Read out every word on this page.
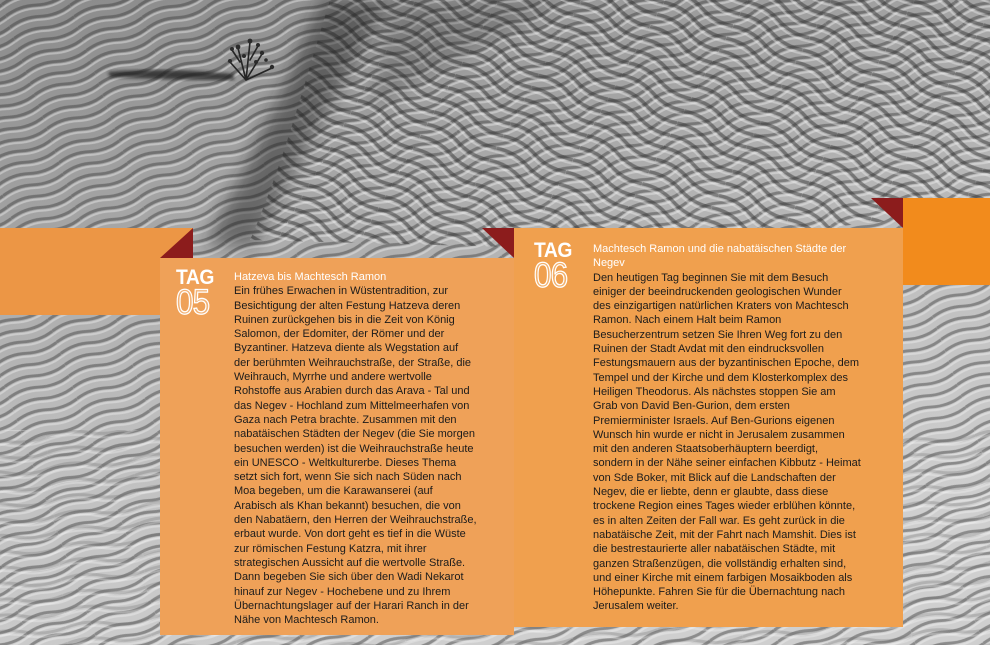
TAG
05
Hatzeva bis Machtesch Ramon
Ein frühes Erwachen in Wüstentradition, zur
Besichtigung der alten Festung Hatzeva deren
Ruinen zurückgehen bis in die Zeit von König
Salomon, der Edomiter, der Römer und der
Byzantiner. Hatzeva diente als Wegstation auf
der berühmten Weihrauchstraße, der Straße, die
Weihrauch, Myrrhe und andere wertvolle
Rohstoffe aus Arabien durch das Arava - Tal und
das Negev - Hochland zum Mittelmeerhafen von
Gaza nach Petra brachte. Zusammen mit den
nabatäischen Städten der Negev (die Sie morgen
besuchen werden) ist die Weihrauchstraße heute
ein UNESCO - Weltkulturerbe. Dieses Thema
setzt sich fort, wenn Sie sich nach Süden nach
Moa begeben, um die Karawanserei (auf
Arabisch als Khan bekannt) besuchen, die von
den Nabatäern, den Herren der Weihrauchstraße,
erbaut wurde. Von dort geht es tief in die Wüste
zur römischen Festung Katzra, mit ihrer
strategischen Aussicht auf die wertvolle Straße.
Dann begeben Sie sich über den Wadi Nekarot
hinauf zur Negev - Hochebene und zu Ihrem
Übernachtungslager auf der Harari Ranch in der
Nähe von Machtesch Ramon.
TAG
06
Machtesch Ramon und die nabatäischen Städte der
Negev
Den heutigen Tag beginnen Sie mit dem Besuch
einiger der beeindruckenden geologischen Wunder
des einzigartigen natürlichen Kraters von Machtesch
Ramon. Nach einem Halt beim Ramon
Besucherzentrum setzen Sie Ihren Weg fort zu den
Ruinen der Stadt Avdat mit den eindrucksvollen
Festungsmauern aus der byzantinischen Epoche, dem
Tempel und der Kirche und dem Klosterkomplex des
Heiligen Theodorus. Als nächstes stoppen Sie am
Grab von David Ben-Gurion, dem ersten
Premierminister Israels. Auf Ben-Gurions eigenen
Wunsch hin wurde er nicht in Jerusalem zusammen
mit den anderen Staatsoberhäuptern beerdigt,
sondern in der Nähe seiner einfachen Kibbutz - Heimat
von Sde Boker, mit Blick auf die Landschaften der
Negev, die er liebte, denn er glaubte, dass diese
trockene Region eines Tages wieder erblühen könnte,
es in alten Zeiten der Fall war. Es geht zurück in die
nabatäische Zeit, mit der Fahrt nach Mamshit. Dies ist
die bestrestaurierte aller nabatäischen Städte, mit
ganzen Straßenzügen, die vollständig erhalten sind,
und einer Kirche mit einem farbigen Mosaikboden als
Höhepunkte. Fahren Sie für die Übernachtung nach
Jerusalem weiter.
